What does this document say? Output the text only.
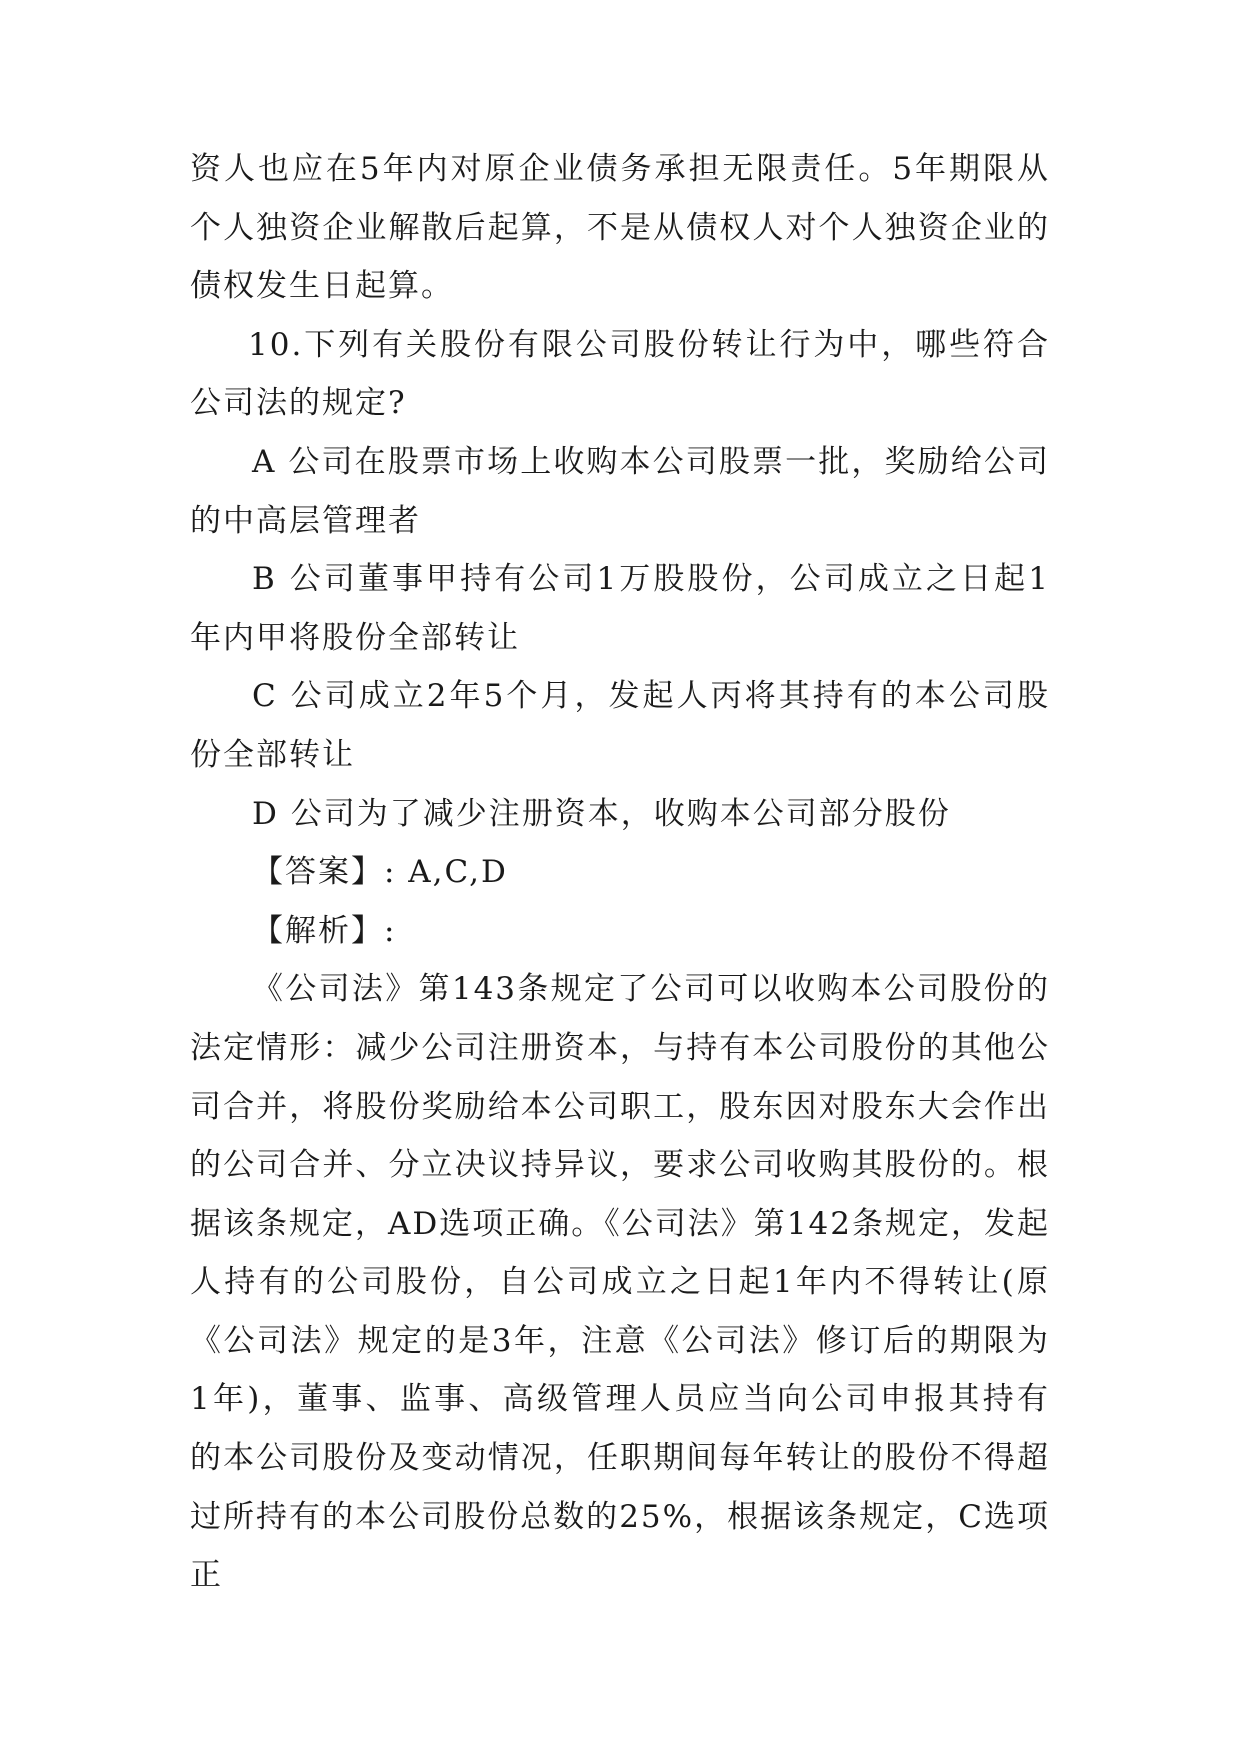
资人也应在5年内对原企业债务承担无限责任。5年期限从个人独资企业解散后起算，不是从债权人对个人独资企业的债权发生日起算。

10.下列有关股份有限公司股份转让行为中，哪些符合公司法的规定?

A 公司在股票市场上收购本公司股票一批，奖励给公司的中高层管理者

B 公司董事甲持有公司1万股股份，公司成立之日起1年内甲将股份全部转让

C 公司成立2年5个月，发起人丙将其持有的本公司股份全部转让

D 公司为了减少注册资本，收购本公司部分股份

【答案】: A,C,D

【解析】:

《公司法》第143条规定了公司可以收购本公司股份的法定情形：减少公司注册资本，与持有本公司股份的其他公司合并，将股份奖励给本公司职工，股东因对股东大会作出的公司合并、分立决议持异议，要求公司收购其股份的。根据该条规定，AD选项正确。《公司法》第142条规定，发起人持有的公司股份，自公司成立之日起1年内不得转让(原《公司法》规定的是3年，注意《公司法》修订后的期限为1年)，董事、监事、高级管理人员应当向公司申报其持有的本公司股份及变动情况，任职期间每年转让的股份不得超过所持有的本公司股份总数的25%，根据该条规定，C选项正
